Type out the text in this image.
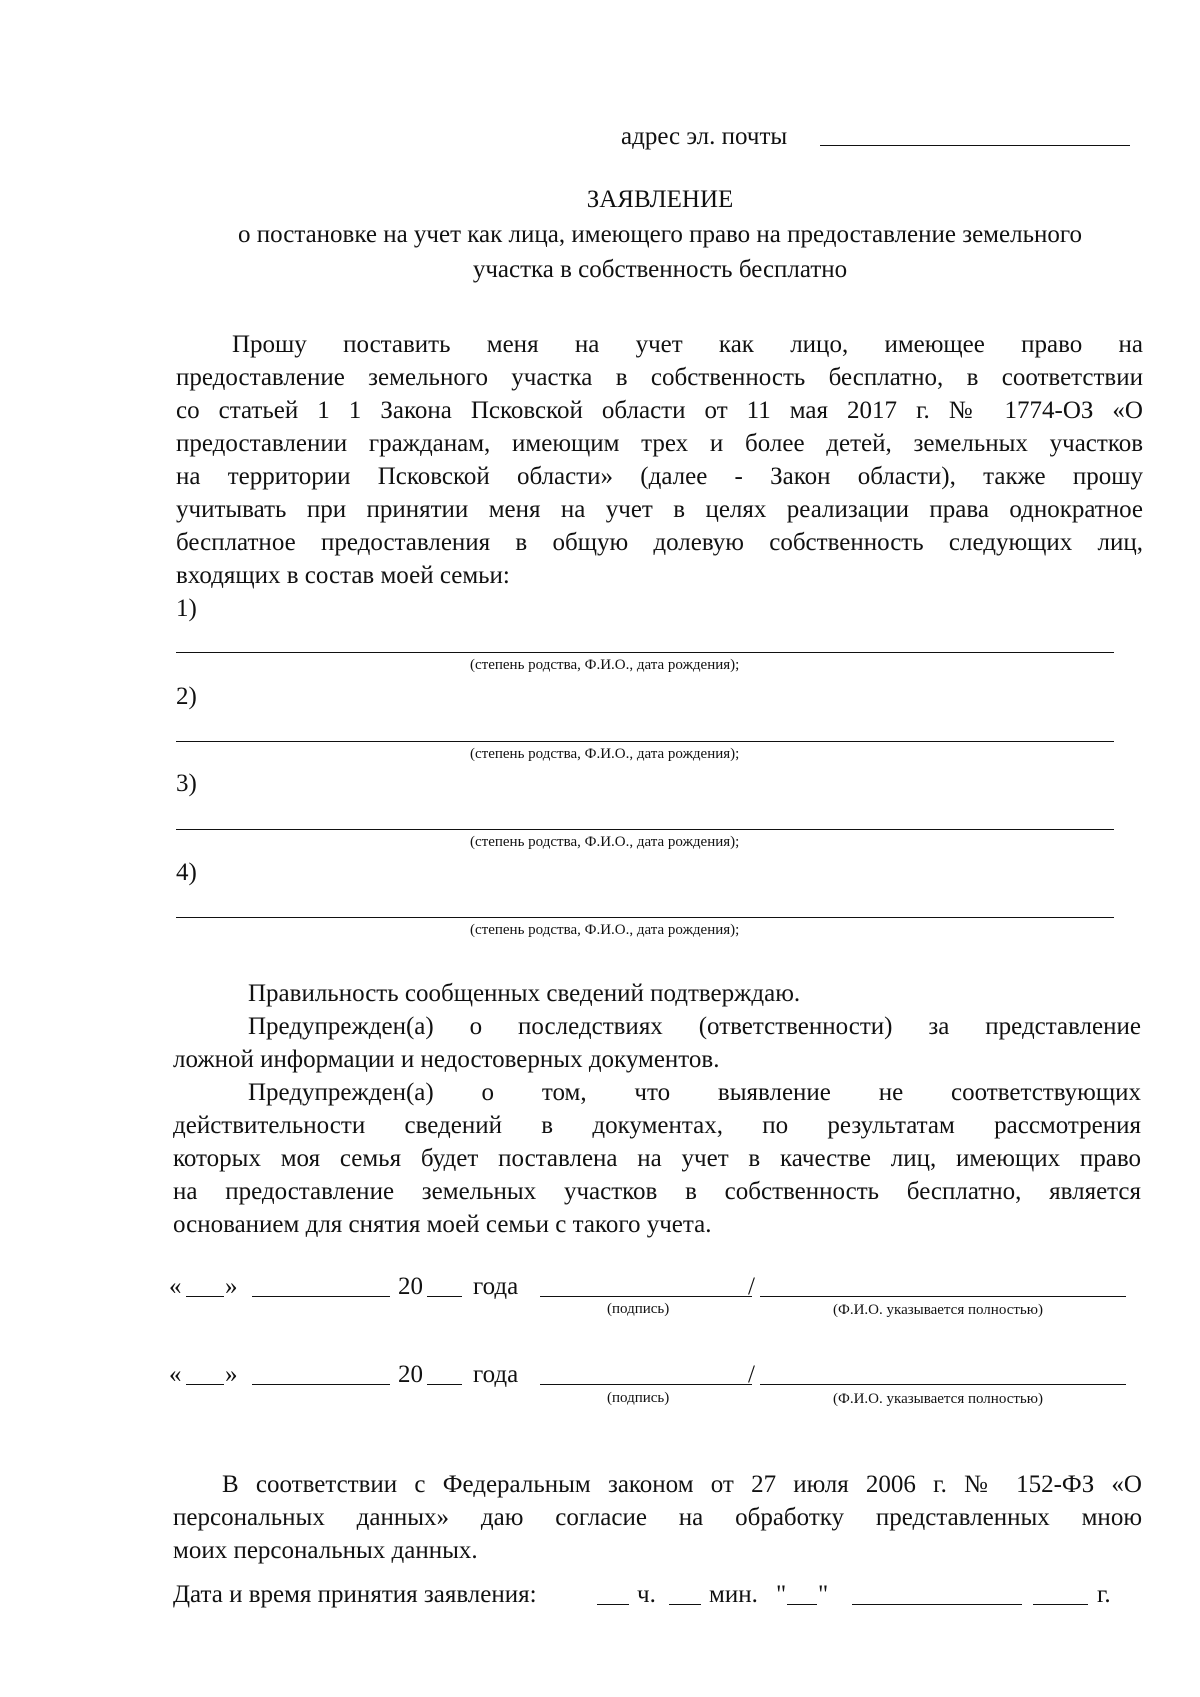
адрес эл. почты
ЗАЯВЛЕНИЕ
о постановке на учет как лица, имеющего право на предоставление земельного
участка в собственность бесплатно
Прошу поставить меня на учет как лицо, имеющее право на
предоставление земельного участка в собственность бесплатно, в соответствии
со статьей 1 1 Закона Псковской области от 11 мая 2017 г. № 1774-ОЗ «О
предоставлении гражданам, имеющим трех и более детей, земельных участков
на территории Псковской области» (далее - Закон области), также прошу
учитывать при принятии меня на учет в целях реализации права однократное
бесплатное предоставления в общую долевую собственность следующих лиц,
входящих в состав моей семьи:
1)
(степень родства, Ф.И.О., дата рождения);
2)
(степень родства, Ф.И.О., дата рождения);
3)
(степень родства, Ф.И.О., дата рождения);
4)
(степень родства, Ф.И.О., дата рождения);
Правильность сообщенных сведений подтверждаю.
Предупрежден(а) о последствиях (ответственности) за представление
ложной информации и недостоверных документов.
Предупрежден(а) о том, что выявление не соответствующих
действительности сведений в документах, по результатам рассмотрения
которых моя семья будет поставлена на учет в качестве лиц, имеющих право
на предоставление земельных участков в собственность бесплатно, является
основанием для снятия моей семьи с такого учета.
« »	20 года	/
(подпись)	(Ф.И.О. указывается полностью)
« »	20 года	/
(подпись)	(Ф.И.О. указывается полностью)
В соответствии с Федеральным законом от 27 июля 2006 г. № 152-ФЗ «О
персональных данных» даю согласие на обработку представленных мною
моих персональных данных.
Дата и время принятия заявления:	ч. мин. " "	г.
